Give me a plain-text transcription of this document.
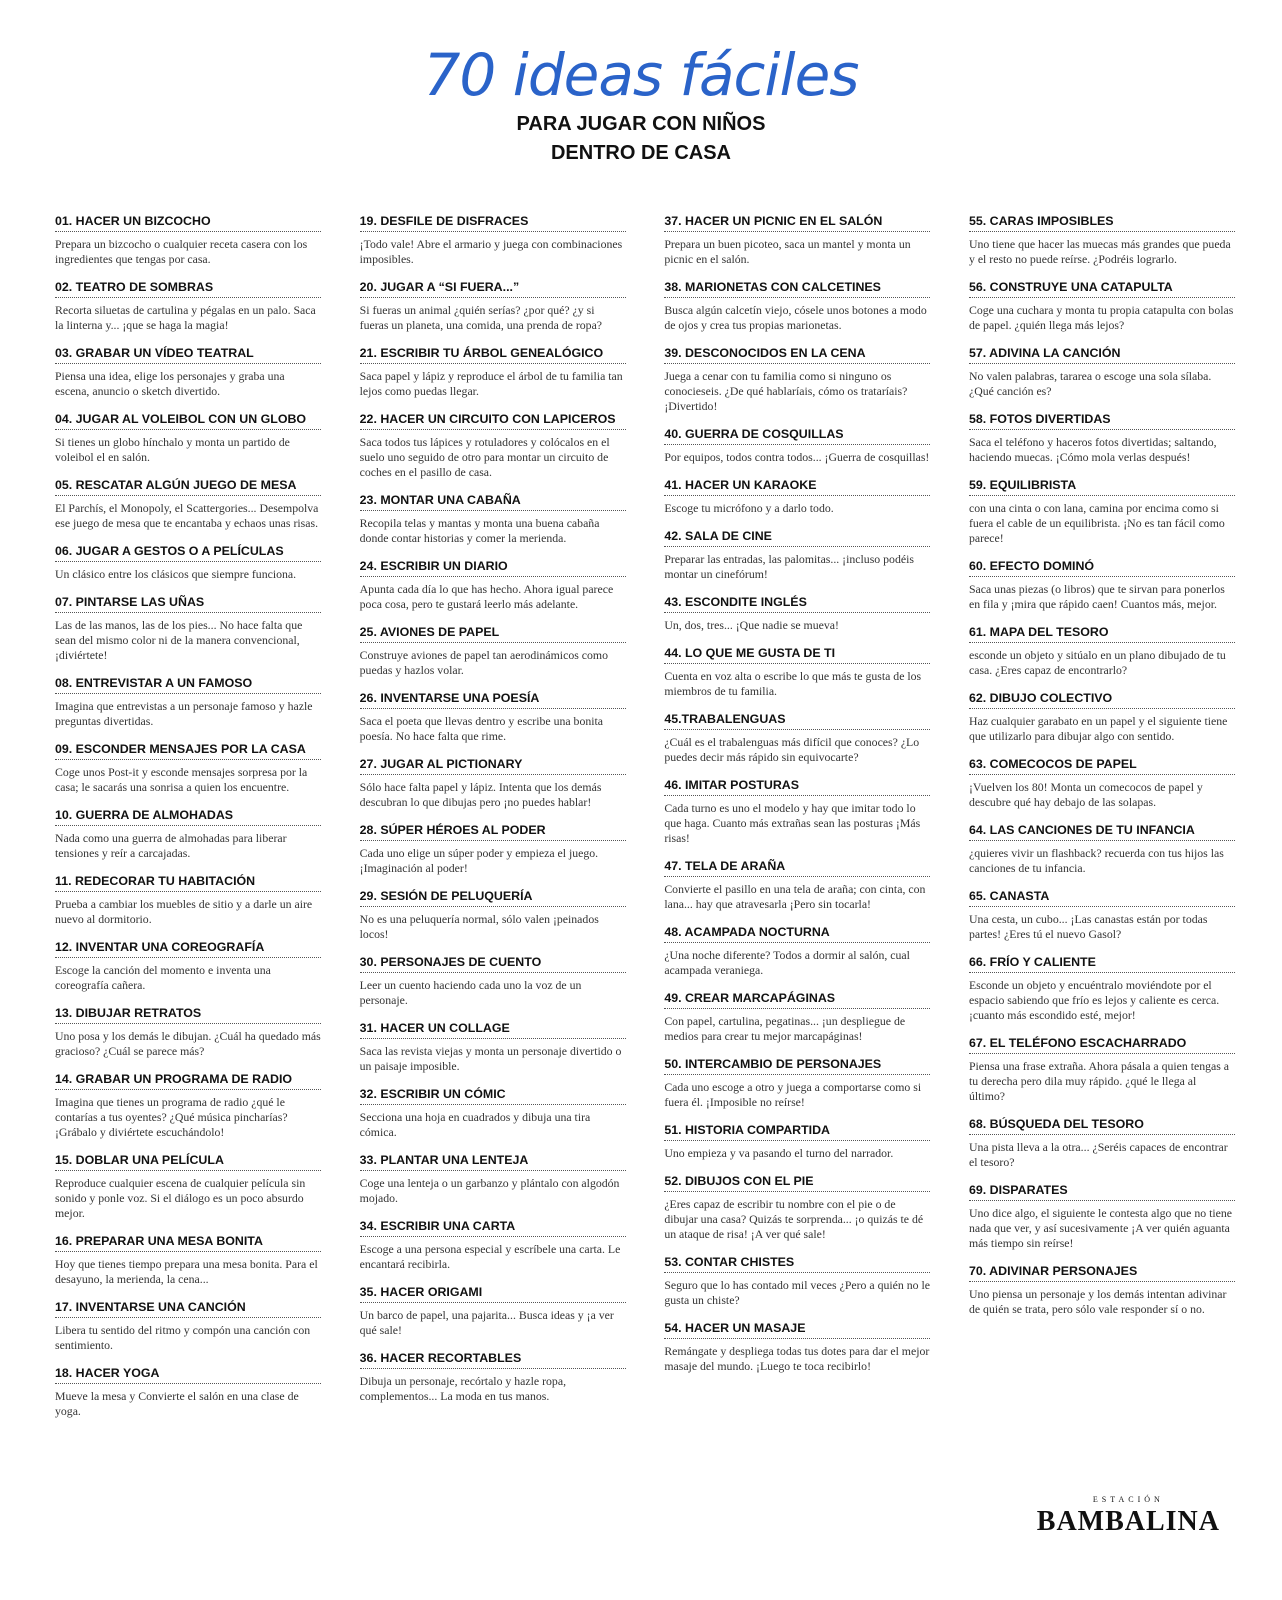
70 ideas fáciles
PARA JUGAR CON NIÑOS
DENTRO DE CASA
01. HACER UN BIZCOCHO
Prepara un bizcocho o cualquier receta casera con los ingredientes que tengas por casa.
02. TEATRO DE SOMBRAS
Recorta siluetas de cartulina y pégalas en un palo. Saca la linterna y... ¡que se haga la magia!
03. GRABAR UN VÍDEO TEATRAL
Piensa una idea, elige los personajes y graba una escena, anuncio o sketch divertido.
04. JUGAR AL VOLEIBOL CON UN GLOBO
Si tienes un globo hínchalo y monta un partido de voleibol el en salón.
05. RESCATAR ALGÚN JUEGO DE MESA
El Parchís, el Monopoly, el Scattergories... Desempolva ese juego de mesa que te encantaba y echaos unas risas.
06. JUGAR A GESTOS O A PELÍCULAS
Un clásico entre los clásicos que siempre funciona.
07. PINTARSE LAS UÑAS
Las de las manos, las de los pies... No hace falta que sean del mismo color ni de la manera convencional, ¡diviértete!
08. ENTREVISTAR A UN FAMOSO
Imagina que entrevistas a un personaje famoso y hazle preguntas divertidas.
09. ESCONDER MENSAJES POR LA CASA
Coge unos Post-it y esconde mensajes sorpresa por la casa; le sacarás una sonrisa a quien los encuentre.
10. GUERRA DE ALMOHADAS
Nada como una guerra de almohadas para liberar tensiones y reír a carcajadas.
11. REDECORAR TU HABITACIÓN
Prueba a cambiar los muebles de sitio y a darle un aire nuevo al dormitorio.
12. INVENTAR UNA COREOGRAFÍA
Escoge la canción del momento e inventa una coreografía cañera.
13. DIBUJAR RETRATOS
Uno posa y los demás le dibujan. ¿Cuál ha quedado más gracioso? ¿Cuál se parece más?
14. GRABAR UN PROGRAMA DE RADIO
Imagina que tienes un programa de radio ¿qué le contarías a tus oyentes? ¿Qué música pincharías? ¡Grábalo y diviértete escuchándolo!
15. DOBLAR UNA PELÍCULA
Reproduce cualquier escena de cualquier película sin sonido y ponle voz. Si el diálogo es un poco absurdo mejor.
16. PREPARAR UNA MESA BONITA
Hoy que tienes tiempo prepara una mesa bonita. Para el desayuno, la merienda, la cena...
17. INVENTARSE UNA CANCIÓN
Libera tu sentido del ritmo y compón una canción con sentimiento.
18. HACER YOGA
Mueve la mesa y Convierte el salón en una clase de yoga.
19. DESFILE DE DISFRACES
¡Todo vale! Abre el armario y juega con combinaciones imposibles.
20. JUGAR A “SI FUERA...”
Si fueras un animal ¿quién serías? ¿por qué? ¿y si fueras un planeta, una comida, una prenda de ropa?
21. ESCRIBIR TU ÁRBOL GENEALÓGICO
Saca papel y lápiz y reproduce el árbol de tu familia tan lejos como puedas llegar.
22. HACER UN CIRCUITO CON LAPICEROS
Saca todos tus lápices y rotuladores y colócalos en el suelo uno seguido de otro para montar un circuito de coches en el pasillo de casa.
23. MONTAR UNA CABAÑA
Recopila telas y mantas y monta una buena cabaña donde contar historias y comer la merienda.
24. ESCRIBIR UN DIARIO
Apunta cada día lo que has hecho. Ahora igual parece poca cosa, pero te gustará leerlo más adelante.
25. AVIONES DE PAPEL
Construye aviones de papel tan aerodinámicos como puedas y hazlos volar.
26. INVENTARSE UNA POESÍA
Saca el poeta que llevas dentro y escribe una bonita poesía. No hace falta que rime.
27. JUGAR AL PICTIONARY
Sólo hace falta papel y lápiz. Intenta que los demás descubran lo que dibujas pero ¡no puedes hablar!
28. SÚPER HÉROES AL PODER
Cada uno elige un súper poder y empieza el juego. ¡Imaginación al poder!
29. SESIÓN DE PELUQUERÍA
No es una peluquería normal, sólo valen ¡peinados locos!
30. PERSONAJES DE CUENTO
Leer un cuento haciendo cada uno la voz de un personaje.
31. HACER UN COLLAGE
Saca las revista viejas y monta un personaje divertido o un paisaje imposible.
32. ESCRIBIR UN CÓMIC
Secciona una hoja en cuadrados y dibuja una tira cómica.
33. PLANTAR UNA LENTEJA
Coge una lenteja o un garbanzo y plántalo con algodón mojado.
34. ESCRIBIR UNA CARTA
Escoge a una persona especial y escríbele una carta. Le encantará recibirla.
35. HACER ORIGAMI
Un barco de papel, una pajarita... Busca ideas y ¡a ver qué sale!
36. HACER RECORTABLES
Dibuja un personaje, recórtalo y hazle ropa, complementos... La moda en tus manos.
37. HACER UN PICNIC EN EL SALÓN
Prepara un buen picoteo, saca un mantel y monta un picnic en el salón.
38. MARIONETAS CON CALCETINES
Busca algún calcetín viejo, cósele unos botones a modo de ojos y crea tus propias marionetas.
39. DESCONOCIDOS EN LA CENA
Juega a cenar con tu familia como si ninguno os conocieseis. ¿De qué hablaríais, cómo os trataríais? ¡Divertido!
40. GUERRA DE COSQUILLAS
Por equipos, todos contra todos... ¡Guerra de cosquillas!
41. HACER UN KARAOKE
Escoge tu micrófono y a darlo todo.
42. SALA DE CINE
Preparar las entradas, las palomitas... ¡incluso podéis montar un cinefórum!
43. ESCONDITE INGLÉS
Un, dos, tres... ¡Que nadie se mueva!
44. LO QUE ME GUSTA DE TI
Cuenta en voz alta o escribe lo que más te gusta de los miembros de tu familia.
45.TRABALENGUAS
¿Cuál es el trabalenguas más difícil que conoces? ¿Lo puedes decir más rápido sin equivocarte?
46. IMITAR POSTURAS
Cada turno es uno el modelo y hay que imitar todo lo que haga. Cuanto más extrañas sean las posturas ¡Más risas!
47. TELA DE ARAÑA
Convierte el pasillo en una tela de araña; con cinta, con lana... hay que atravesarla ¡Pero sin tocarla!
48. ACAMPADA NOCTURNA
¿Una noche diferente? Todos a dormir al salón, cual acampada veraniega.
49. CREAR MARCAPÁGINAS
Con papel, cartulina, pegatinas... ¡un despliegue de medios para crear tu mejor marcapáginas!
50. INTERCAMBIO DE PERSONAJES
Cada uno escoge a otro y juega a comportarse como si fuera él. ¡Imposible no reírse!
51. HISTORIA COMPARTIDA
Uno empieza y va pasando el turno del narrador.
52. DIBUJOS CON EL PIE
¿Eres capaz de escribir tu nombre con el pie o de dibujar una casa? Quizás te sorprenda... ¡o quizás te dé un ataque de risa! ¡A ver qué sale!
53. CONTAR CHISTES
Seguro que lo has contado mil veces ¿Pero a quién no le gusta un chiste?
54. HACER UN MASAJE
Remángate y despliega todas tus dotes para dar el mejor masaje del mundo. ¡Luego te toca recibirlo!
55. CARAS IMPOSIBLES
Uno tiene que hacer las muecas más grandes que pueda y el resto no puede reírse. ¿Podréis lograrlo.
56. CONSTRUYE UNA CATAPULTA
Coge una cuchara y monta tu propia catapulta con bolas de papel. ¿quién llega más lejos?
57. ADIVINA LA CANCIÓN
No valen palabras, tararea o escoge una sola sílaba. ¿Qué canción es?
58. FOTOS DIVERTIDAS
Saca el teléfono y haceros fotos divertidas; saltando, haciendo muecas. ¡Cómo mola verlas después!
59. EQUILIBRISTA
con una cinta o con lana, camina por encima como si fuera el cable de un equilibrista. ¡No es tan fácil como parece!
60. EFECTO DOMINÓ
Saca unas piezas (o libros) que te sirvan para ponerlos en fila y ¡mira que rápido caen! Cuantos más, mejor.
61. MAPA DEL TESORO
esconde un objeto y sitúalo en un plano dibujado de tu casa. ¿Eres capaz de encontrarlo?
62. DIBUJO COLECTIVO
Haz cualquier garabato en un papel y el siguiente tiene que utilizarlo para dibujar algo con sentido.
63. COMECOCOS DE PAPEL
¡Vuelven los 80! Monta un comecocos de papel y descubre qué hay debajo de las solapas.
64. LAS CANCIONES DE TU INFANCIA
¿quieres vivir un flashback? recuerda con tus hijos las canciones de tu infancia.
65. CANASTA
Una cesta, un cubo... ¡Las canastas están por todas partes! ¿Eres tú el nuevo Gasol?
66. FRÍO Y CALIENTE
Esconde un objeto y encuéntralo moviéndote por el espacio sabiendo que frío es lejos y caliente es cerca. ¡cuanto más escondido esté, mejor!
67. EL TELÉFONO ESCACHARRADO
Piensa una frase extraña. Ahora pásala a quien tengas a tu derecha pero dila muy rápido. ¿qué le llega al último?
68. BÚSQUEDA DEL TESORO
Una pista lleva a la otra... ¿Seréis capaces de encontrar el tesoro?
69. DISPARATES
Uno dice algo, el siguiente le contesta algo que no tiene nada que ver, y así sucesivamente ¡A ver quién aguanta más tiempo sin reírse!
70. ADIVINAR PERSONAJES
Uno piensa un personaje y los demás intentan adivinar de quién se trata, pero sólo vale responder sí o no.
ESTACIÓN
BAMBALINA
